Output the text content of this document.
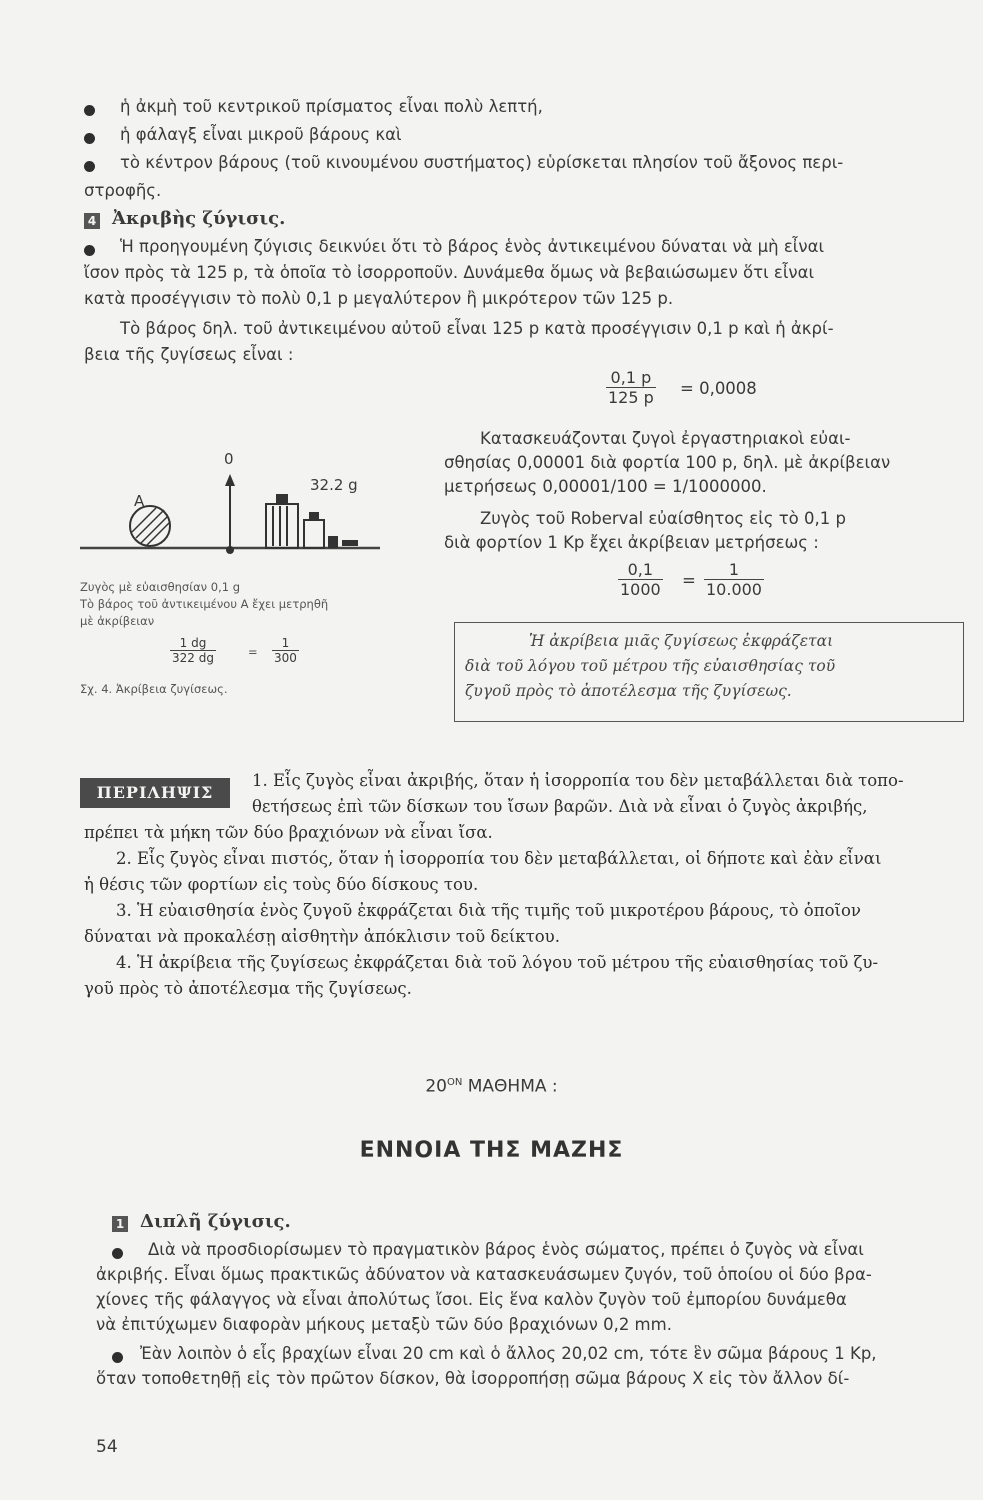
ἡ ἀκμὴ τοῦ κεντρικοῦ πρίσματος εἶναι πολὺ λεπτή,
ἡ φάλαγξ εἶναι μικροῦ βάρους καὶ
τὸ κέντρον βάρους (τοῦ κινουμένου συστήματος) εὑρίσκεται πλησίον τοῦ ἄξονος περι-
στροφῆς.
4 Ἀκριβὴς ζύγισις.
Ἡ προηγουμένη ζύγισις δεικνύει ὅτι τὸ βάρος ἑνὸς ἀντικειμένου δύναται νὰ μὴ εἶναι
ἴσον πρὸς τὰ 125 p, τὰ ὁποῖα τὸ ἰσορροποῦν. Δυνάμεθα ὅμως νὰ βεβαιώσωμεν ὅτι εἶναι
κατὰ προσέγγισιν τὸ πολὺ 0,1 p μεγαλύτερον ἢ μικρότερον τῶν 125 p.
Τὸ βάρος δηλ. τοῦ ἀντικειμένου αὐτοῦ εἶναι 125 p κατὰ προσέγγισιν 0,1 p καὶ ἡ ἀκρί-
βεια τῆς ζυγίσεως εἶναι :
$\frac{0,1 p}{125 p} = 0,0008$
Κατασκευάζονται ζυγοὶ ἐργαστηριακοὶ εὐαι-
σθησίας 0,00001 διὰ φορτία 100 p, δηλ. μὲ ἀκρίβειαν
μετρήσεως 0,00001/100 = 1/1000000.
Ζυγὸς τοῦ Roberval εὐαίσθητος εἰς τὸ 0,1 p
διὰ φορτίον 1 Kp ἔχει ἀκρίβειαν μετρήσεως :
$\frac{0,1}{1000} = \frac{1}{10.000}$
Ἡ ἀκρίβεια μιᾶς ζυγίσεως ἐκφράζεται
διὰ τοῦ λόγου τοῦ μέτρου τῆς εὐαισθησίας τοῦ
ζυγοῦ πρὸς τὸ ἀποτέλεσμα τῆς ζυγίσεως.
0
A
32.2 g
Ζυγὸς μὲ εὐαισθησίαν 0,1 g
Τὸ βάρος τοῦ ἀντικειμένου A ἔχει μετρηθῆ
μὲ ἀκρίβειαν
$\frac{1 dg}{322 dg}$	= $\frac{1}{300}$
Σχ. 4. Ἀκρίβεια ζυγίσεως.
ΠΕΡΙΛΗΨΙΣ
1. Εἷς ζυγὸς εἶναι ἀκριβής, ὅταν ἡ ἰσορροπία του δὲν μεταβάλλεται διὰ τοπο-
θετήσεως ἐπὶ τῶν δίσκων του ἴσων βαρῶν. Διὰ νὰ εἶναι ὁ ζυγὸς ἀκριβής,
πρέπει τὰ μήκη τῶν δύο βραχιόνων νὰ εἶναι ἴσα.
2. Εἷς ζυγὸς εἶναι πιστός, ὅταν ἡ ἰσορροπία του δὲν μεταβάλλεται, οἱ δήποτε καὶ ἐὰν εἶναι
ἡ θέσις τῶν φορτίων εἰς τοὺς δύο δίσκους του.
3. Ἡ εὐαισθησία ἑνὸς ζυγοῦ ἐκφράζεται διὰ τῆς τιμῆς τοῦ μικροτέρου βάρους, τὸ ὁποῖον
δύναται νὰ προκαλέσῃ αἰσθητὴν ἀπόκλισιν τοῦ δείκτου.
4. Ἡ ἀκρίβεια τῆς ζυγίσεως ἐκφράζεται διὰ τοῦ λόγου τοῦ μέτρου τῆς εὐαισθησίας τοῦ ζυ-
γοῦ πρὸς τὸ ἀποτέλεσμα τῆς ζυγίσεως.
$20^{ON}$ ΜΑΘΗΜΑ :
ΕΝΝΟΙΑ ΤΗΣ ΜΑΖΗΣ
1 Διπλῆ ζύγισις.
Διὰ νὰ προσδιορίσωμεν τὸ πραγματικὸν βάρος ἑνὸς σώματος, πρέπει ὁ ζυγὸς νὰ εἶναι
ἀκριβής. Εἶναι ὅμως πρακτικῶς ἀδύνατον νὰ κατασκευάσωμεν ζυγόν, τοῦ ὁποίου οἱ δύο βρα-
χίονες τῆς φάλαγγος νὰ εἶναι ἀπολύτως ἴσοι. Εἰς ἕνα καλὸν ζυγὸν τοῦ ἐμπορίου δυνάμεθα
νὰ ἐπιτύχωμεν διαφορὰν μήκους μεταξὺ τῶν δύο βραχιόνων 0,2 mm.
Ἐὰν λοιπὸν ὁ εἷς βραχίων εἶναι 20 cm καὶ ὁ ἄλλος 20,02 cm, τότε ἓν σῶμα βάρους 1 Kp,
ὅταν τοποθετηθῇ εἰς τὸν πρῶτον δίσκον, θὰ ἰσορροπήσῃ σῶμα βάρους X εἰς τὸν ἄλλον δί-
54
